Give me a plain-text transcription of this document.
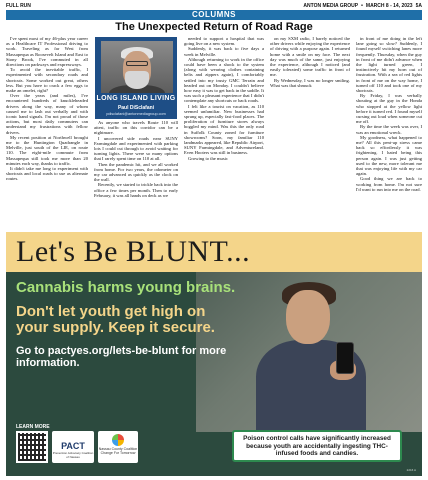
FULL RUN	ANTON MEDIA GROUP • MARCH 8 - 14, 2023 5A
COLUMNS
The Unexpected Return of Road Rage

I've spent most of my 46-plus year career as a Healthcare IT Professional driving to work. Traveling as far West from Massapequa as Roosevelt Island and East to Stony Brook, I've commuted in all directions on parkways and expressways.

To avoid the inevitable traffic, I experimented with secondary roads and shortcuts. Some worked out great, others less. But you have to crack a few eggs to make an omelet, right?

Over the years (and miles), I've encountered hundreds of knuckleheaded drivers along the way, many of whom caused me to lash out verbally and with iconic hand signals. I'm not proud of those actions, but most daily commuters can understand my frustrations with fellow drivers.

My recent position at Northwell brought me to the Huntington Quadrangle in Melville, just south of the LIE, on route 110. The eight-mile commute from Massapequa still took me more than 20 minutes each way, thanks to traffic.

It didn't take me long to experiment with shortcuts and local roads to use as alternate routes.

LONG ISLAND LIVING
Paul DiSclafani
pdisclafani@antonmediagroup.com

As anyone who travels Route 110 will attest, traffic on this corridor can be a nightmare.

I uncovered side roads near SUNY Farmingdale and experimented with parking lots I could cut through to avoid waiting for turning lights. There were so many options that I rarely spent time on 110 at all.

Then the pandemic hit, and we all worked from home. For two years, the odometer on my car advanced as quickly as the clock on the wall.

Recently, we started to trickle back into the office a few times per month. Then to early February, it was all hands on deck as we

needed to support a hospital that was going live on a new system.

Suddenly, it was back to five days a week in Melville.

Although returning to work in the office could have been a shock to the system (along with wearing clothes containing belts and zippers again), I comfortably settled into my trusty GMC Terrain and headed out on Monday. I couldn't believe how easy it was to get back in the saddle. It was such a pleasant experience that I didn't contemplate any shortcuts or back roads.

I felt like a tourist on vacation, as 110 seemed unfamiliar. New businesses had sprung up, especially fast-food places. The proliferation of furniture stores always boggled my mind. Was this the only road in Suffolk County zoned for furniture showrooms? Soon, my familiar 110 landmarks appeared, like Republic Airport, SUNY Farmingdale, and Adventureland. Even Hooters was still in business.

Growing to the music

on my SXM radio, I barely noticed the other drivers while enjoying the experience of driving with a purpose again. I returned home with a smile on my face. The next day was much of the same, just enjoying the experience, although I noticed (and easily tolerated) some traffic in front of me.

By Wednesday, I was no longer smiling. What was that shmuck

in front of me doing in the left lane going so slow? Suddenly, I found myself switching lanes more frequently. Thursday, when the guy in front of me didn't advance when the light turned green, I instinctively hit my horn out of frustration. With a sea of red lights in front of me on the way home, I turned off 110 and took one of my shortcuts.

By Friday, I was verbally shouting at the guy in the Honda who stopped at the yellow light before it turned red. I found myself cursing out loud when someone cut me off.

By the time the week was over, I was an emotional wreck.

My goodness, what happened to me? All this pent-up stress came back so effortlessly it was frightening. I hated being this person again. I was just getting used to the new, more tolerant me that was enjoying life with my car again.

Good thing we are back to working from home. I'm not sure I'd want to run into me on the road.

Let's Be BLUNT...
Cannabis harms young brains.
Don't let youth get high on your supply. Keep it secure.
Go to pactyes.org/lets-be-blunt for more information.
LEARN MORE
PACT
Prevention Advocacy Coalition of Nassau
Nassau County Coalition Change For Tomorrow
Poison control calls have significantly increased because youth are accidentally ingesting THC-infused foods and candies.
2216 A
